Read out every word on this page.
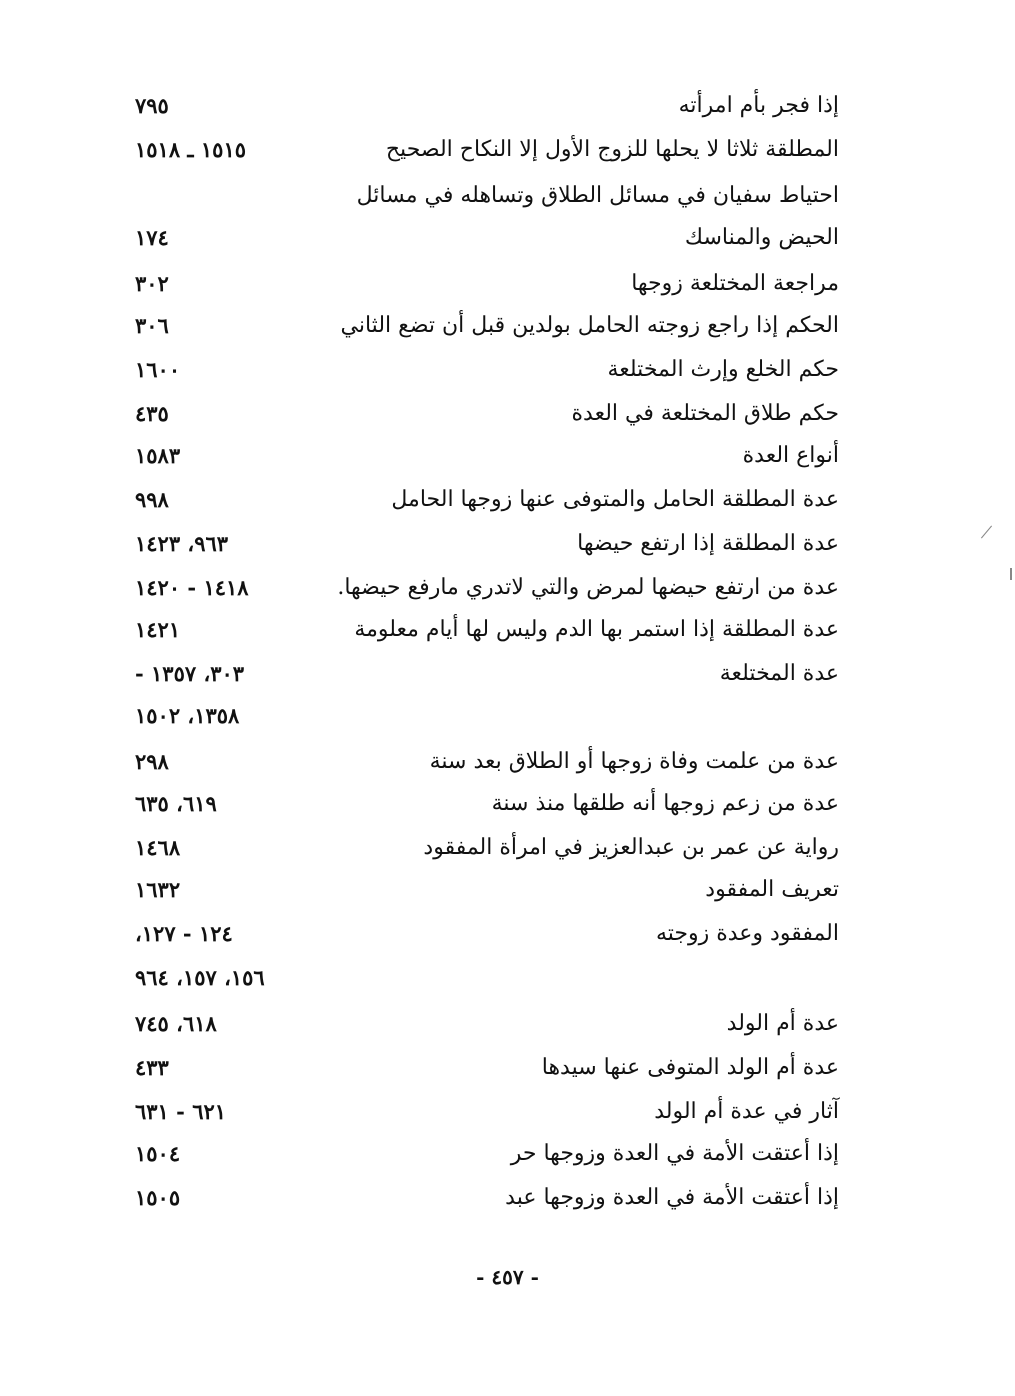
إذا فجر بأم امرأته
٧٩٥
المطلقة ثلاثا لا يحلها للزوج الأول إلا النكاح الصحيح
١٥١٥ ـ ١٥١٨
احتياط سفيان في مسائل الطلاق وتساهله في مسائل
الحيض والمناسك
١٧٤
مراجعة المختلعة زوجها
٣٠٢
الحكم إذا راجع زوجته الحامل بولدين قبل أن تضع الثاني
٣٠٦
حكم الخلع وإرث المختلعة
١٦٠٠
حكم طلاق المختلعة في العدة
٤٣٥
أنواع العدة
١٥٨٣
عدة المطلقة الحامل والمتوفى عنها زوجها الحامل
٩٩٨
عدة المطلقة إذا ارتفع حيضها
٩٦٣، ١٤٢٣
عدة من ارتفع حيضها لمرض والتي لاتدري مارفع حيضها.
١٤١٨ - ١٤٢٠
عدة المطلقة إذا استمر بها الدم وليس لها أيام معلومة
١٤٢١
عدة المختلعة
٣٠٣، ١٣٥٧ -
١٣٥٨، ١٥٠٢
عدة من علمت وفاة زوجها أو الطلاق بعد سنة
٢٩٨
عدة من زعم زوجها أنه طلقها منذ سنة
٦١٩، ٦٣٥
رواية عن عمر بن عبدالعزيز في امرأة المفقود
١٤٦٨
تعريف المفقود
١٦٣٢
المفقود وعدة زوجته
١٢٤ - ١٢٧،
١٥٦، ١٥٧، ٩٦٤
عدة أم الولد
٦١٨، ٧٤٥
عدة أم الولد المتوفى عنها سيدها
٤٣٣
آثار في عدة أم الولد
٦٢١ - ٦٣١
إذا أعتقت الأمة في العدة وزوجها حر
١٥٠٤
إذا أعتقت الأمة في العدة وزوجها عبد
١٥٠٥
- ٤٥٧ -
